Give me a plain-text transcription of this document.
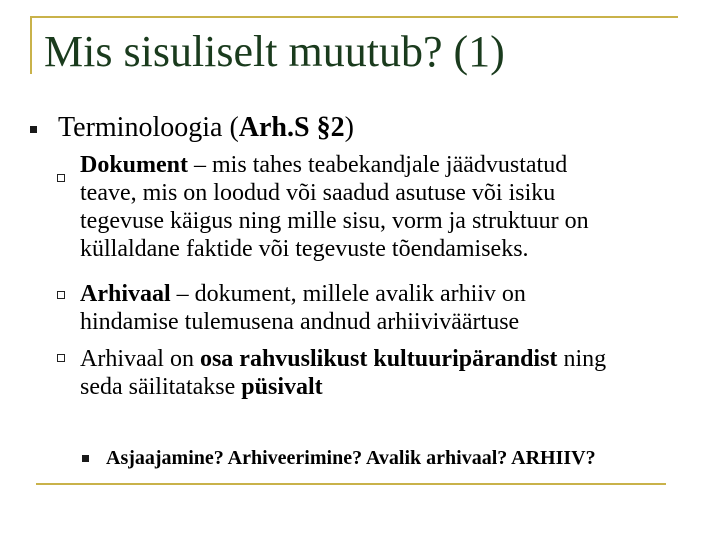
Mis sisuliselt muutub? (1)
Terminoloogia (Arh.S §2)
Dokument – mis tahes teabekandjale jäädvustatud
teave, mis on loodud või saadud asutuse või isiku
tegevuse käigus ning mille sisu, vorm ja struktuur on
küllaldane faktide või tegevuste tõendamiseks.
Arhivaal – dokument, millele avalik arhiiv on
hindamise tulemusena andnud arhiiviväärtuse
Arhivaal on osa rahvuslikust kultuuripärandist ning
seda säilitatakse püsivalt
Asjaajamine? Arhiveerimine? Avalik arhivaal? ARHIIV?
